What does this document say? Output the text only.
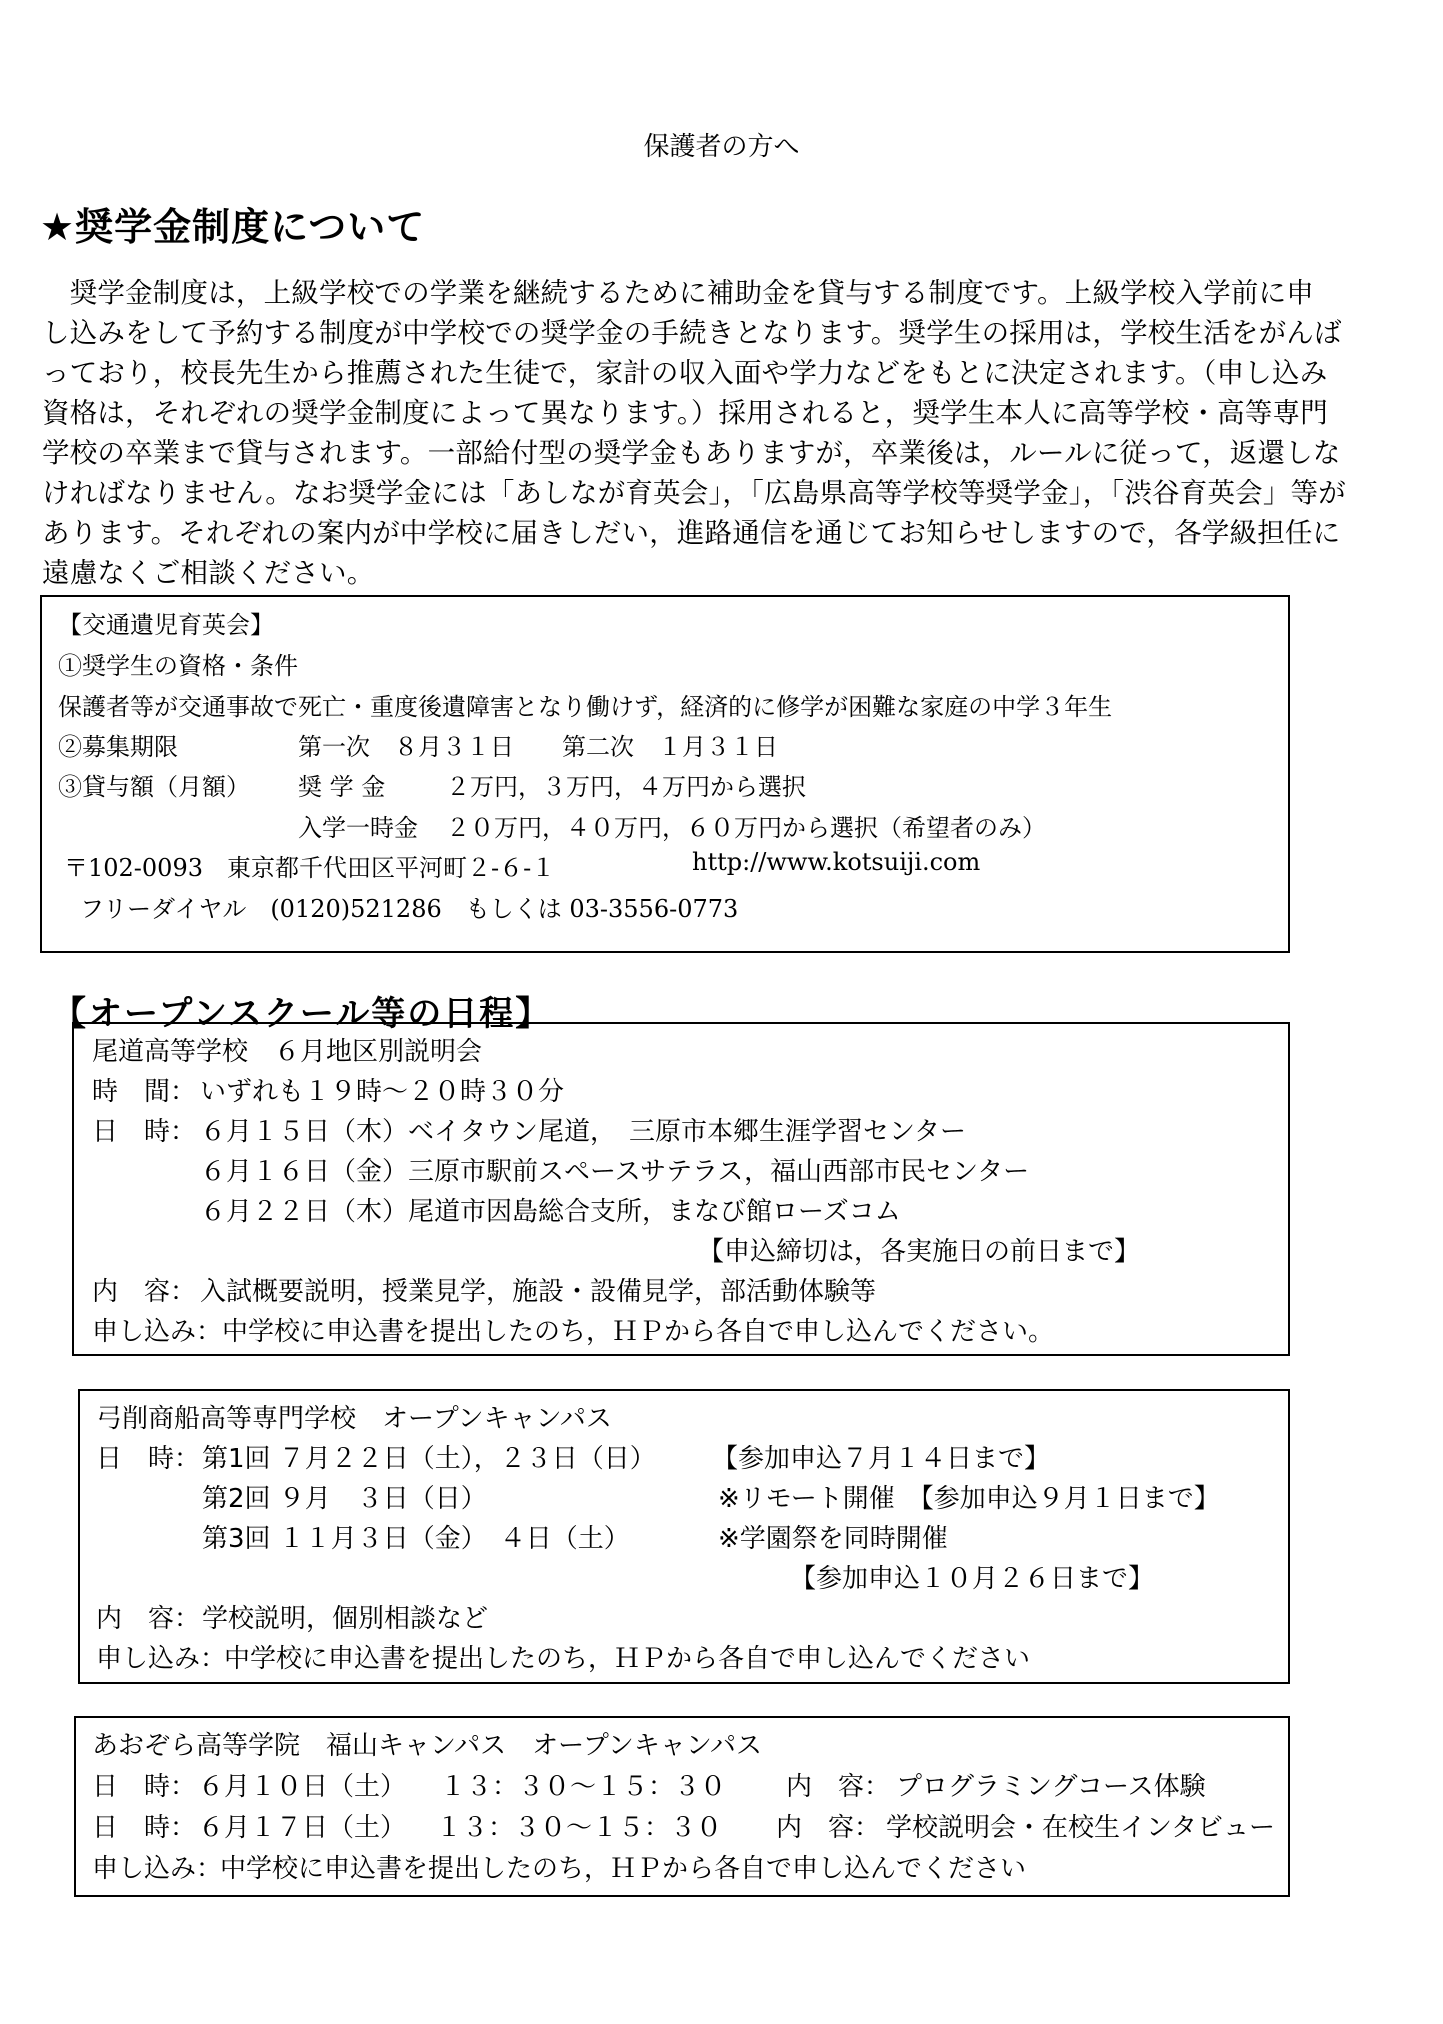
保護者の方へ
★奨学金制度について
　奨学金制度は，上級学校での学業を継続するために補助金を貸与する制度です。上級学校入学前に申
し込みをして予約する制度が中学校での奨学金の手続きとなります。奨学生の採用は，学校生活をがんば
っており，校長先生から推薦された生徒で，家計の収入面や学力などをもとに決定されます。（申し込み
資格は，それぞれの奨学金制度によって異なります。）採用されると，奨学生本人に高等学校・高等専門
学校の卒業まで貸与されます。一部給付型の奨学金もありますが，卒業後は，ルールに従って，返還しな
ければなりません。なお奨学金には「あしなが育英会」，「広島県高等学校等奨学金」，「渋谷育英会」等が
あります。それぞれの案内が中学校に届きしだい，進路通信を通じてお知らせしますので，各学級担任に
遠慮なくご相談ください。
【交通遺児育英会】
①奨学生の資格・条件
保護者等が交通事故で死亡・重度後遺障害となり働けず，経済的に修学が困難な家庭の中学３年生
②募集期限	第一次　８月３１日　　第二次　１月３１日
③貸与額（月額） 奨 学 金	２万円，３万円，４万円から選択
入学一時金 ２０万円，４０万円，６０万円から選択（希望者のみ）
〒102-0093　東京都千代田区平河町２-６-１	http://www.kotsuiji.com
フリーダイヤル　(0120)521286　もしくは 03-3556-0773
【オープンスクール等の日程】
尾道高等学校　６月地区別説明会
時　間： いずれも１９時～２０時３０分
日　時： ６月１５日（木）ベイタウン尾道，　三原市本郷生涯学習センター
６月１６日（金）三原市駅前スペースサテラス，福山西部市民センター
６月２２日（木）尾道市因島総合支所，まなび館ローズコム
【申込締切は，各実施日の前日まで】
内　容： 入試概要説明，授業見学，施設・設備見学，部活動体験等
申し込み： 中学校に申込書を提出したのち，ＨＰから各自で申し込んでください。
弓削商船高等専門学校　オープンキャンパス
日　時： 第1回 ７月２２日（土），２３日（日） 【参加申込７月１４日まで】
第2回 ９月　３日（日）	※リモート開催　【参加申込９月１日まで】
第3回 １１月３日（金）　４日（土）	※学園祭を同時開催
【参加申込１０月２６日まで】
内　容： 学校説明，個別相談など
申し込み：
中学校に申込書を提出したのち，ＨＰから各自で申し込んでください
あおぞら高等学院　福山キャンパス　オープンキャンパス
日　時： ６月１０日（土） １３：３０～１５：３０ 内　容： プログラミングコース体験
日　時： ６月１７日（土） １３：３０～１５：３０ 内　容： 学校説明会・在校生インタビュー
申し込み：
中学校に申込書を提出したのち，ＨＰから各自で申し込んでください
